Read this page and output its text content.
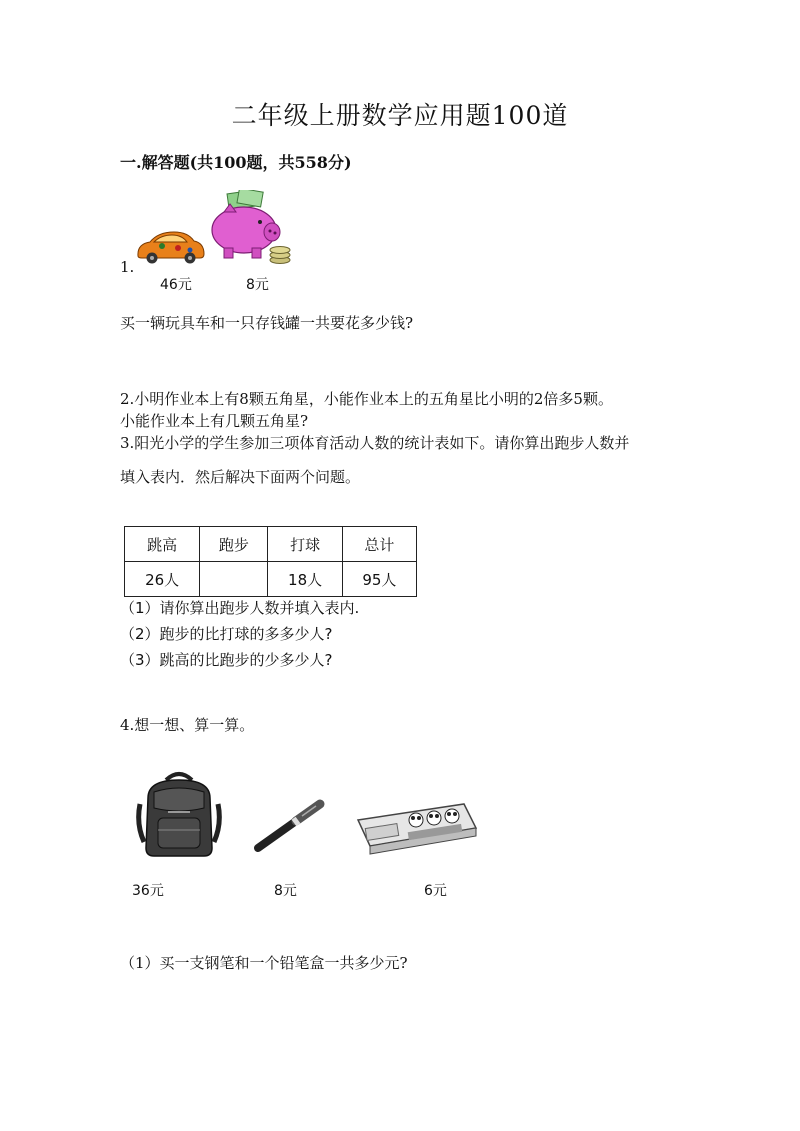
二年级上册数学应用题100道
一.解答题(共100题，共558分)
1.
46元	8元
买一辆玩具车和一只存钱罐一共要花多少钱?
2.小明作业本上有8颗五角星，小能作业本上的五角星比小明的2倍多5颗。
小能作业本上有几颗五角星?
3.阳光小学的学生参加三项体育活动人数的统计表如下。请你算出跑步人数并
填入表内．然后解决下面两个问题。
跳高	跑步	打球	总计
26人		18人	95人
（1）请你算出跑步人数并填入表内.
（2）跑步的比打球的多多少人?
（3）跳高的比跑步的少多少人?
4.想一想、算一算。
36元	8元	6元
（1）买一支钢笔和一个铅笔盒一共多少元?
